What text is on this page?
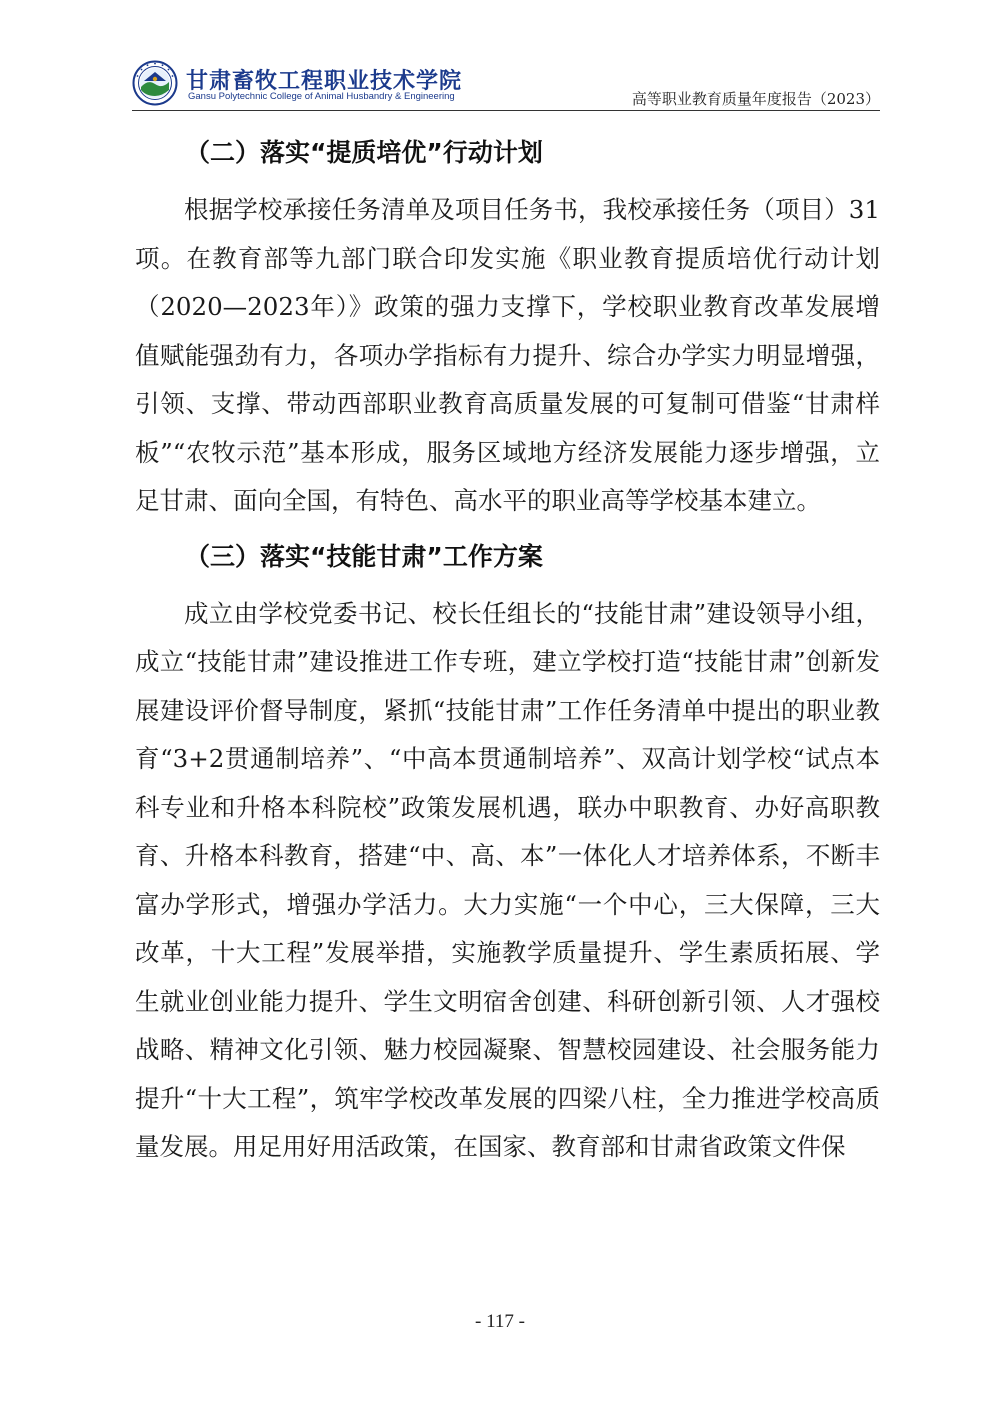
甘肃畜牧工程职业技术学院
Gansu Polytechnic College of Animal Husbandry & Engineering	高等职业教育质量年度报告（2023）
（二）落实“提质培优”行动计划

根据学校承接任务清单及项目任务书，我校承接任务（项目）31项。在教育部等九部门联合印发实施《职业教育提质培优行动计划（2020—2023年）》政策的强力支撑下，学校职业教育改革发展增值赋能强劲有力，各项办学指标有力提升、综合办学实力明显增强，引领、支撑、带动西部职业教育高质量发展的可复制可借鉴“甘肃样板”“农牧示范”基本形成，服务区域地方经济发展能力逐步增强，立足甘肃、面向全国，有特色、高水平的职业高等学校基本建立。

（三）落实“技能甘肃”工作方案

成立由学校党委书记、校长任组长的“技能甘肃”建设领导小组，成立“技能甘肃”建设推进工作专班，建立学校打造“技能甘肃”创新发展建设评价督导制度，紧抓“技能甘肃”工作任务清单中提出的职业教育“3+2贯通制培养”、“中高本贯通制培养”、双高计划学校“试点本科专业和升格本科院校”政策发展机遇，联办中职教育、办好高职教育、升格本科教育，搭建“中、高、本”一体化人才培养体系，不断丰富办学形式，增强办学活力。大力实施“一个中心，三大保障，三大改革，十大工程”发展举措，实施教学质量提升、学生素质拓展、学生就业创业能力提升、学生文明宿舍创建、科研创新引领、人才强校战略、精神文化引领、魅力校园凝聚、智慧校园建设、社会服务能力提升“十大工程”，筑牢学校改革发展的四梁八柱，全力推进学校高质量发展。用足用好用活政策，在国家、教育部和甘肃省政策文件保

- 117 -
